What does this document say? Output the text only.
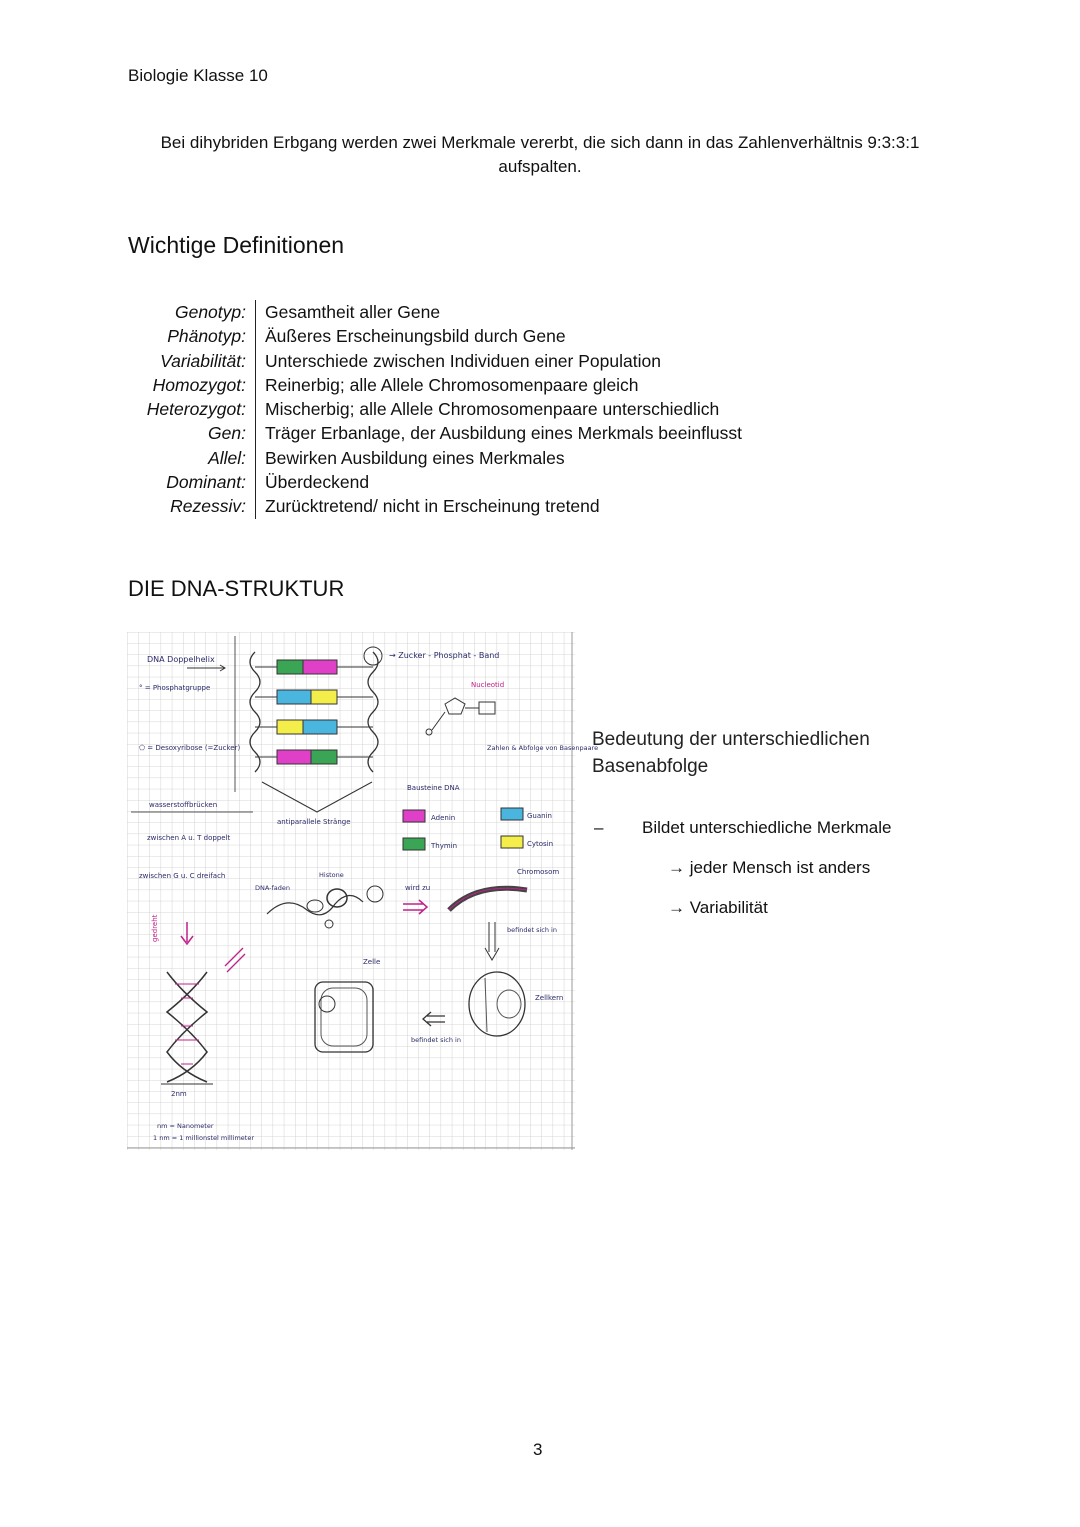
Biologie Klasse 10
Bei dihybriden Erbgang werden zwei Merkmale vererbt, die sich dann in das Zahlenverhältnis 9:3:3:1 aufspalten.
Wichtige Definitionen
Genotyp:	Gesamtheit aller Gene
Phänotyp:	Äußeres Erscheinungsbild durch Gene
Variabilität:	Unterschiede zwischen Individuen einer Population
Homozygot:	Reinerbig; alle Allele Chromosomenpaare gleich
Heterozygot:	Mischerbig; alle Allele Chromosomenpaare unterschiedlich
Gen:	Träger Erbanlage, der Ausbildung eines Merkmals beeinflusst
Allel:	Bewirken Ausbildung eines Merkmales
Dominant:	Überdeckend
Rezessiv:	Zurücktretend/ nicht in Erscheinung tretend
DIE DNA-STRUKTUR
DNA Doppelhelix
° = Phosphatgruppe
⬠ = Desoxyribose (=Zucker)
wasserstoffbrücken
zwischen A u. T doppelt
zwischen G u. C dreifach
antiparallele Stränge
→ Zucker - Phosphat - Band
Nucleotid
Zahlen & Abfolge von Basenpaare
Bausteine DNA
Adenin	Guanin
Thymin	Cytosin
DNA-faden
Histone
wird zu
Chromosom
befindet sich in
gedreht
2nm
nm = Nanometer
1 nm = 1 millionstel millimeter
Zelle
befindet sich in
Zellkern
Bedeutung der unterschiedlichen
Basenabfolge
– Bildet unterschiedliche Merkmale
→ jeder Mensch ist anders
→ Variabilität
3
